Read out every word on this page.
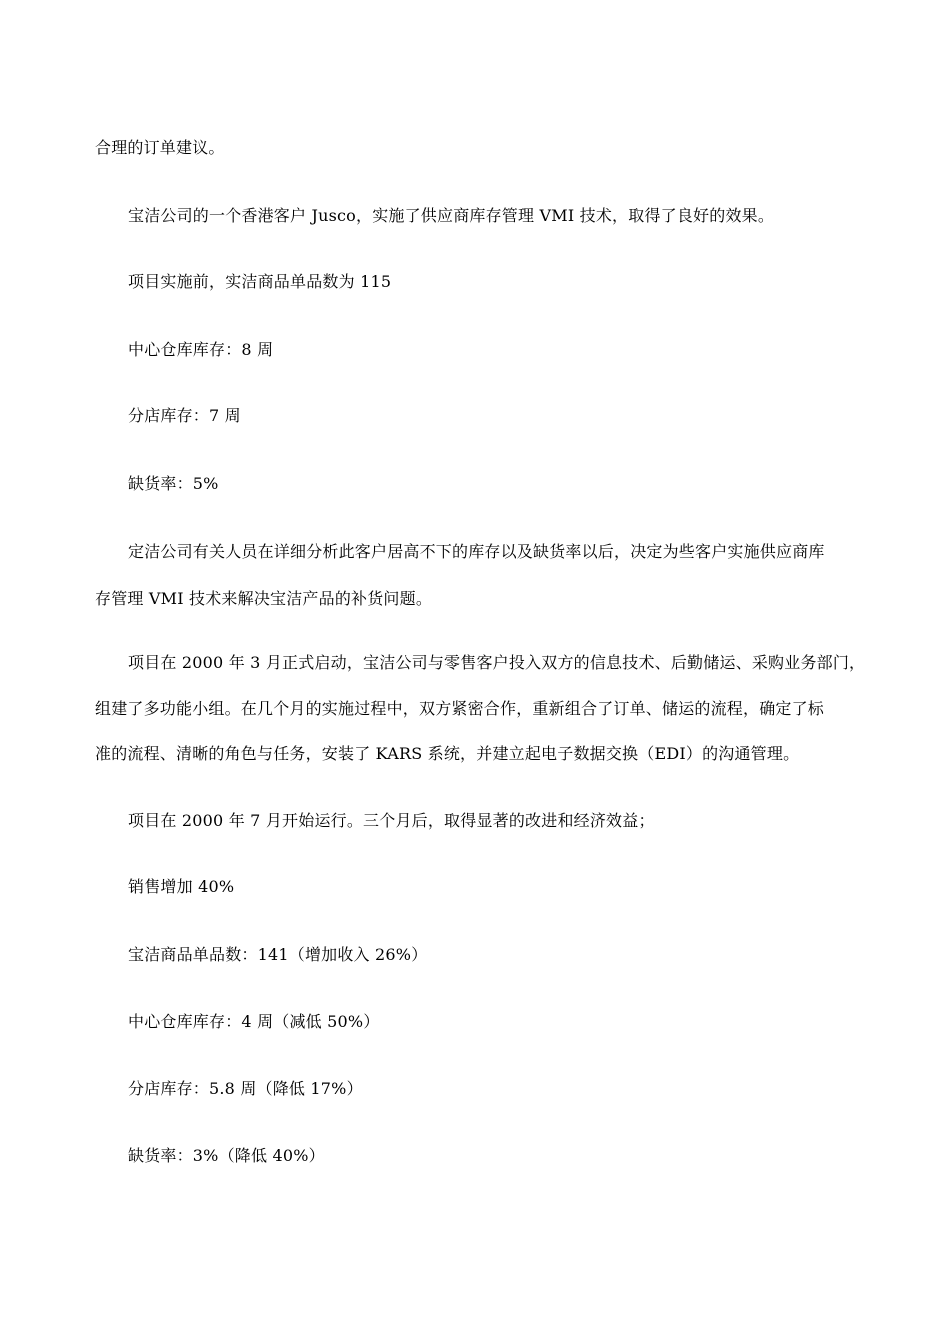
合理的订单建议。
宝洁公司的一个香港客户 Jusco，实施了供应商库存管理 VMI 技术，取得了良好的效果。
项目实施前，实洁商品单品数为 115
中心仓库库存：8 周
分店库存：7 周
缺货率：5%
定洁公司有关人员在详细分析此客户居高不下的库存以及缺货率以后，决定为些客户实施供应商库
存管理 VMI 技术来解决宝洁产品的补货问题。
项目在 2000 年 3 月正式启动，宝洁公司与零售客户投入双方的信息技术、后勤储运、采购业务部门，
组建了多功能小组。在几个月的实施过程中，双方紧密合作，重新组合了订单、储运的流程，确定了标
准的流程、清晰的角色与任务，安装了 KARS 系统，并建立起电子数据交换（EDI）的沟通管理。
项目在 2000 年 7 月开始运行。三个月后，取得显著的改进和经济效益；
销售增加 40%
宝洁商品单品数：141（增加收入 26%）
中心仓库库存：4 周（减低 50%）
分店库存：5.8 周（降低 17%）
缺货率：3%（降低 40%）
